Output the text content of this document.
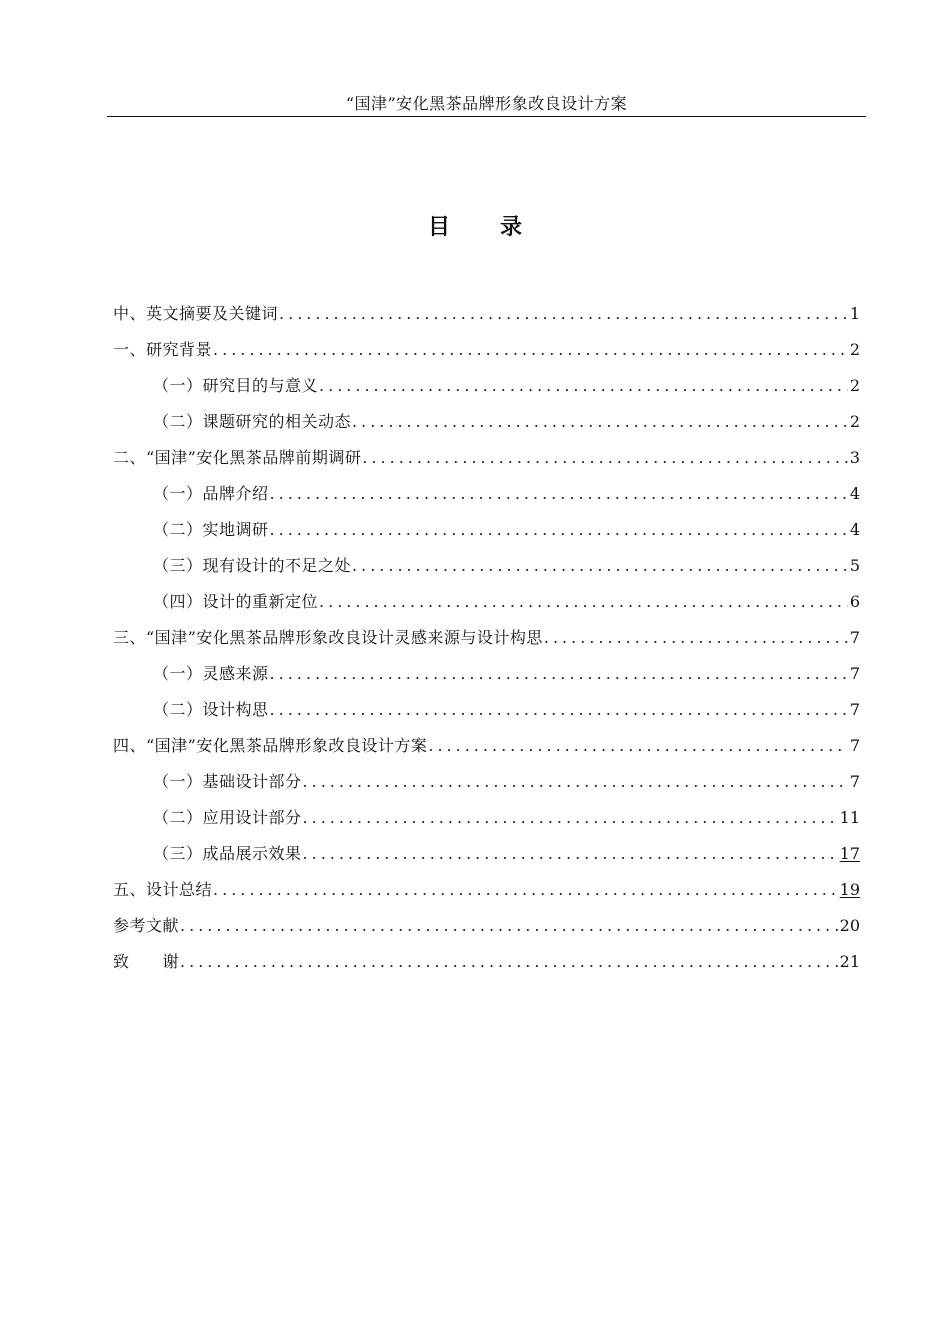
“国津”安化黑茶品牌形象改良设计方案
目录
中、英文摘要及关键词 .....	1
一、研究背景 .....	2
（一）研究目的与意义 .....	2
（二）课题研究的相关动态 .....	2
二、“国津”安化黑茶品牌前期调研 .....	3
（一）品牌介绍 .....	4
（二）实地调研 .....	4
（三）现有设计的不足之处 .....	5
（四）设计的重新定位 .....	6
三、“国津”安化黑茶品牌形象改良设计灵感来源与设计构思 .....	7
（一）灵感来源 .....	7
（二）设计构思 .....	7
四、“国津”安化黑茶品牌形象改良设计方案 .....	7
（一）基础设计部分 .....	7
（二）应用设计部分 .....	11
（三）成品展示效果 .....	17
五、设计总结 .....	19
参考文献 .....	20
致　　谢 .....	21
